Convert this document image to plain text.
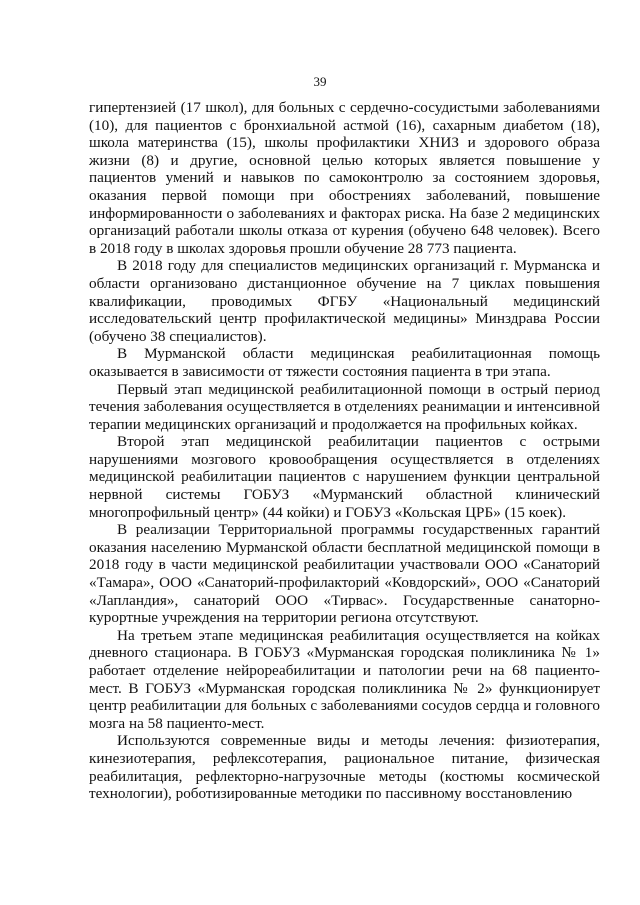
39

гипертензией (17 школ), для больных с сердечно-сосудистыми заболеваниями (10), для пациентов с бронхиальной астмой (16), сахарным диабетом (18), школа материнства (15), школы профилактики ХНИЗ и здорового образа жизни (8) и другие, основной целью которых является повышение у пациентов умений и навыков по самоконтролю за состоянием здоровья, оказания первой помощи при обострениях заболеваний, повышение информированности о заболеваниях и факторах риска. На базе 2 медицинских организаций работали школы отказа от курения (обучено 648 человек). Всего в 2018 году в школах здоровья прошли обучение 28 773 пациента.

В 2018 году для специалистов медицинских организаций г. Мурманска и области организовано дистанционное обучение на 7 циклах повышения квалификации, проводимых ФГБУ «Национальный медицинский исследовательский центр профилактической медицины» Минздрава России (обучено 38 специалистов).

В Мурманской области медицинская реабилитационная помощь оказывается в зависимости от тяжести состояния пациента в три этапа.

Первый этап медицинской реабилитационной помощи в острый период течения заболевания осуществляется в отделениях реанимации и интенсивной терапии медицинских организаций и продолжается на профильных койках.

Второй этап медицинской реабилитации пациентов с острыми нарушениями мозгового кровообращения осуществляется в отделениях медицинской реабилитации пациентов с нарушением функции центральной нервной системы ГОБУЗ «Мурманский областной клинический многопрофильный центр» (44 койки) и ГОБУЗ «Кольская ЦРБ» (15 коек).

В реализации Территориальной программы государственных гарантий оказания населению Мурманской области бесплатной медицинской помощи в 2018 году в части медицинской реабилитации участвовали ООО «Санаторий «Тамара», ООО «Санаторий-профилакторий «Ковдорский», ООО «Санаторий «Лапландия», санаторий ООО «Тирвас». Государственные санаторно-курортные учреждения на территории региона отсутствуют.

На третьем этапе медицинская реабилитация осуществляется на койках дневного стационара. В ГОБУЗ «Мурманская городская поликлиника № 1» работает отделение нейрореабилитации и патологии речи на 68 пациенто-мест. В ГОБУЗ «Мурманская городская поликлиника № 2» функционирует центр реабилитации для больных с заболеваниями сосудов сердца и головного мозга на 58 пациенто-мест.

Используются современные виды и методы лечения: физиотерапия, кинезиотерапия, рефлексотерапия, рациональное питание, физическая реабилитация, рефлекторно-нагрузочные методы (костюмы космической технологии), роботизированные методики по пассивному восстановлению
